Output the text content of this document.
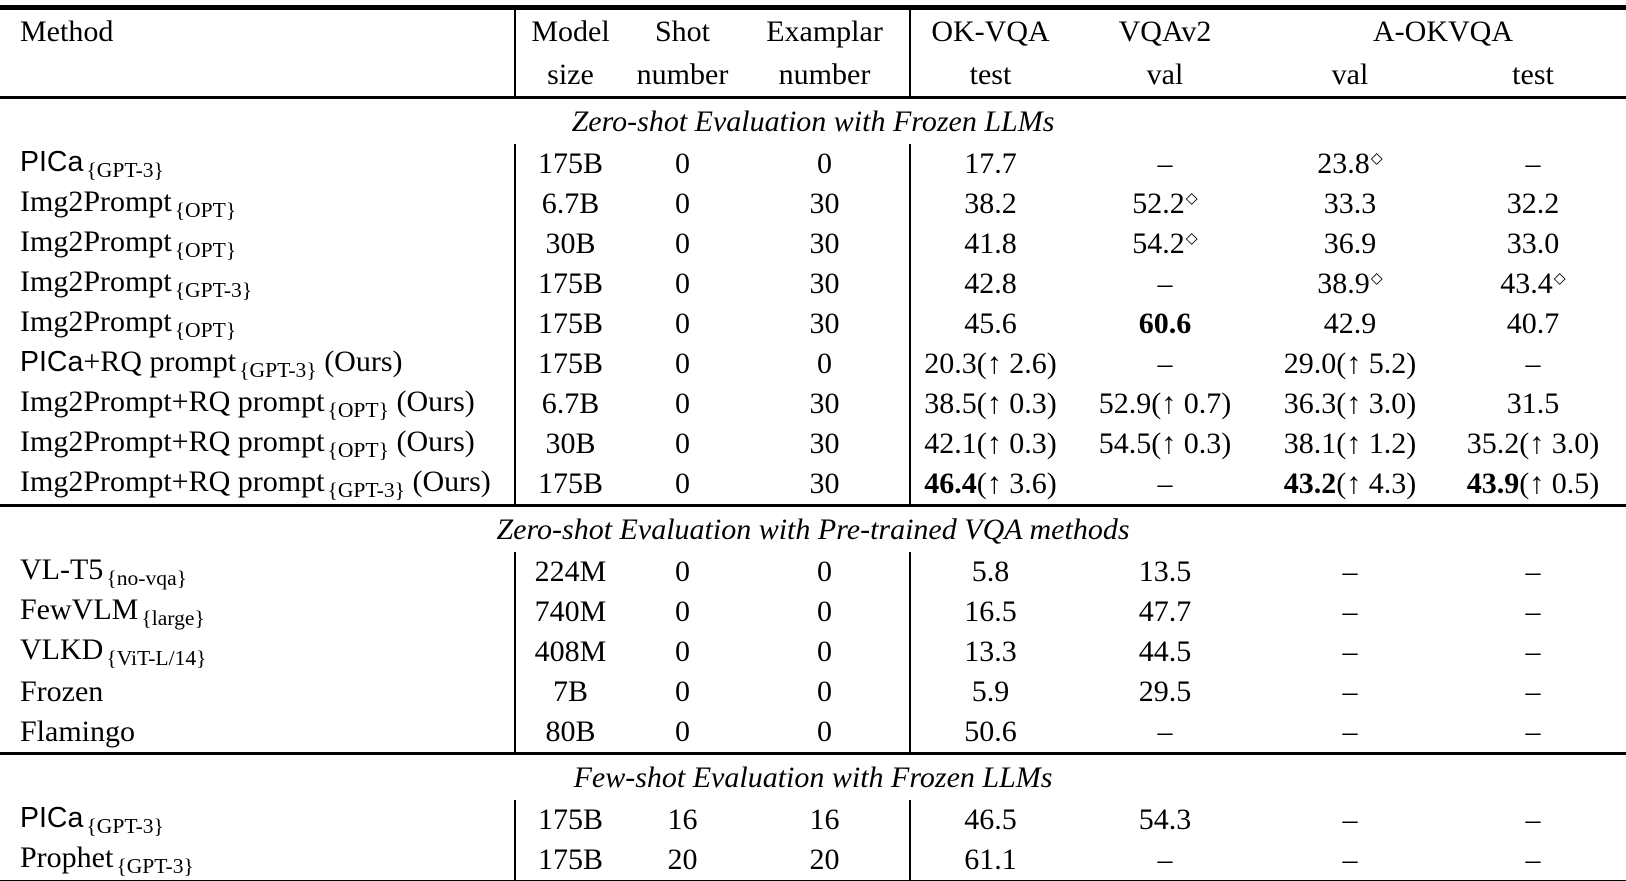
Method	Model	Shot	Examplar	OK-VQA	VQAv2	A-OKVQA	
	size	number	number	test	val	val	test
Zero-shot Evaluation with Frozen LLMs							
PICa $_{\{GPT-3\}}$	175B	0	0	17.7	–	23.8◇	–
Img2Prompt $_{\{OPT\}}$	6.7B	0	30	38.2	52.2◇	33.3	32.2
Img2Prompt $_{\{OPT\}}$	30B	0	30	41.8	54.2◇	36.9	33.0
Img2Prompt $_{\{GPT-3\}}$	175B	0	30	42.8	–	38.9◇	43.4◇
Img2Prompt $_{\{OPT\}}$	175B	0	30	45.6	60.6	42.9	40.7
PICa+RQ prompt $_{\{GPT-3\}}$ (Ours)	175B	0	0	20.3(↑ 2.6)	–	29.0(↑ 5.2)	–
Img2Prompt+RQ prompt $_{\{OPT\}}$ (Ours)	6.7B	0	30	38.5(↑ 0.3)	52.9(↑ 0.7)	36.3(↑ 3.0)	31.5
Img2Prompt+RQ prompt $_{\{OPT\}}$ (Ours)	30B	0	30	42.1(↑ 0.3)	54.5(↑ 0.3)	38.1(↑ 1.2)	35.2(↑ 3.0)
Img2Prompt+RQ prompt $_{\{GPT-3\}}$ (Ours)	175B	0	30	46.4(↑ 3.6)	–	43.2(↑ 4.3)	43.9(↑ 0.5)
Zero-shot Evaluation with Pre-trained VQA methods							
VL-T5 $_{\{no-vqa\}}$	224M	0	0	5.8	13.5	–	–
FewVLM $_{\{large\}}$	740M	0	0	16.5	47.7	–	–
VLKD $_{\{ViT-L/14\}}$	408M	0	0	13.3	44.5	–	–
Frozen	7B	0	0	5.9	29.5	–	–
Flamingo	80B	0	0	50.6	–	–	–
Few-shot Evaluation with Frozen LLMs							
PICa $_{\{GPT-3\}}$	175B	16	16	46.5	54.3	–	–
Prophet $_{\{GPT-3\}}$	175B	20	20	61.1	–	–	–
